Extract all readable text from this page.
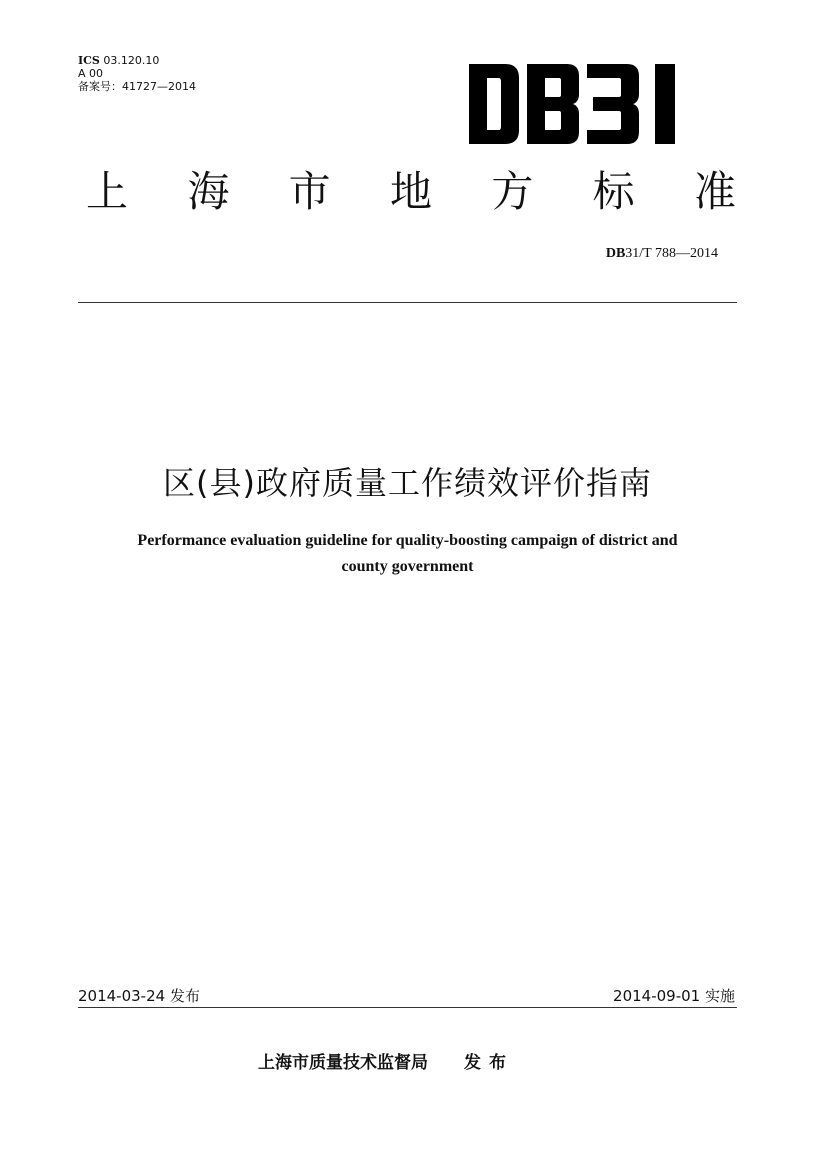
ICS 03.120.10
A 00
备案号：41727—2014
上 海 市 地 方 标 准
DB31/T 788—2014
区(县)政府质量工作绩效评价指南
Performance evaluation guideline for quality-boosting campaign of district and
county government
2014-03-24 发布	2014-09-01 实施
上海市质量技术监督局 发布
